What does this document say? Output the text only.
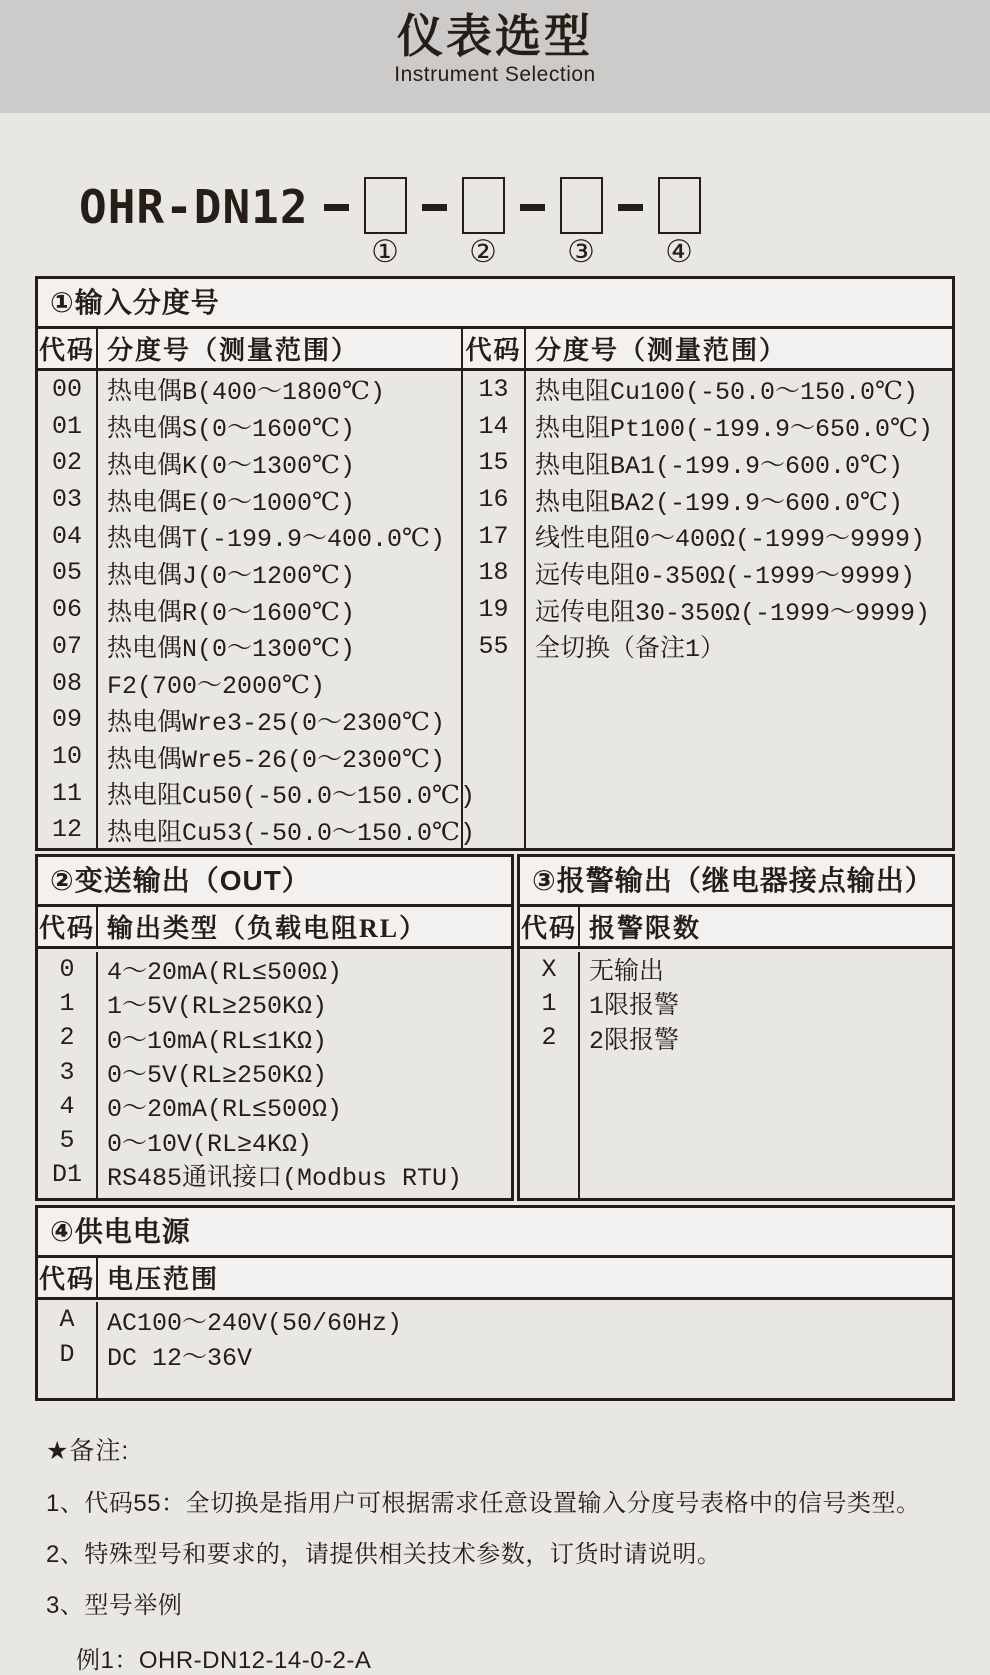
仪表选型
Instrument Selection
OHR-DN12
① ② ③ ④
①输入分度号
代码 分度号（测量范围）	代码 分度号（测量范围）
00
01
02
03
04
05
06
07
08
09
10
11
12
热电偶B(400～1800℃)
热电偶S(0～1600℃)
热电偶K(0～1300℃)
热电偶E(0～1000℃)
热电偶T(-199.9～400.0℃)
热电偶J(0～1200℃)
热电偶R(0～1600℃)
热电偶N(0～1300℃)
F2(700～2000℃)
热电偶Wre3-25(0～2300℃)
热电偶Wre5-26(0～2300℃)
热电阻Cu50(-50.0～150.0℃)
热电阻Cu53(-50.0～150.0℃)
13
14
15
16
17
18
19
55
热电阻Cu100(-50.0～150.0℃)
热电阻Pt100(-199.9～650.0℃)
热电阻BA1(-199.9～600.0℃)
热电阻BA2(-199.9～600.0℃)
线性电阻0～400Ω(-1999～9999)
远传电阻0-350Ω(-1999～9999)
远传电阻30-350Ω(-1999～9999)
全切换（备注1）
②变送输出（OUT）
代码 输出类型（负载电阻RL）
0
1
2
3
4
5
D1
4～20mA(RL≤500Ω)
1～5V(RL≥250KΩ)
0～10mA(RL≤1KΩ)
0～5V(RL≥250KΩ)
0～20mA(RL≤500Ω)
0～10V(RL≥4KΩ)
RS485通讯接口(Modbus RTU)
③报警输出（继电器接点输出）
代码 报警限数
X
1
2
无输出
1限报警
2限报警
④供电电源
代码 电压范围
A
D
AC100～240V(50/60Hz)
DC 12～36V
★备注:
1、代码55：全切换是指用户可根据需求任意设置输入分度号表格中的信号类型。
2、特殊型号和要求的，请提供相关技术参数，订货时请说明。
3、型号举例
例1：OHR-DN12-14-0-2-A
